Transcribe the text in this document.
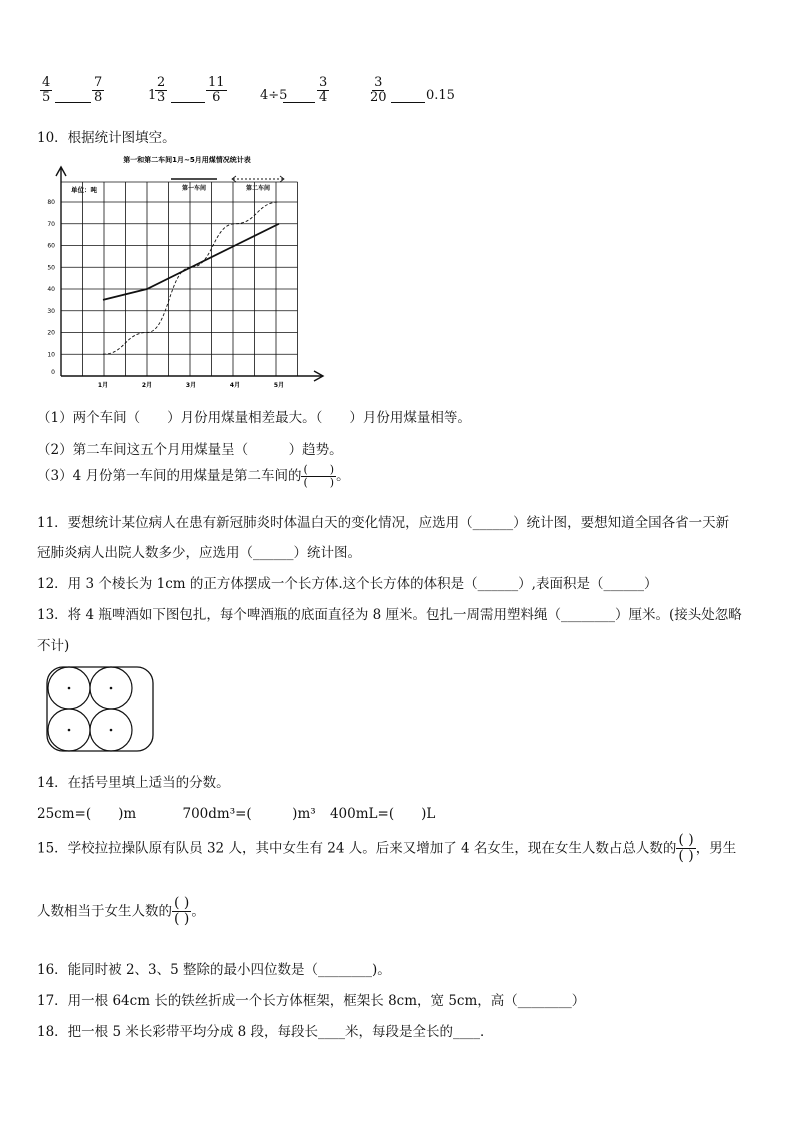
$\frac{4}{5}$	$\frac{7}{8}$	1
$\frac{2}{3}$	$\frac{11}{6}$	$4\div 5 \frac{3}{4}$	$\frac{3}{20}$	0.15
10．根据统计图填空。
第一和第二车间1月~5月用煤情况统计表
0
10
20
30
40
50
60
70
80
1月	2月	3月	4月	5月
单位：吨	第一车间	第二车间
（1）两个车间（　　）月份用煤量相差最大。（　　）月份用煤量相等。
（2）第二车间这五个月用煤量呈（　　　）趋势。
（3）4 月份第一车间的用煤量是第二车间的 $\frac{( )}{( )}$ 。
11．要想统计某位病人在患有新冠肺炎时体温白天的变化情况，应选用（______）统计图，要想知道全国各省一天新
冠肺炎病人出院人数多少，应选用（______）统计图。
12．用 3 个棱长为 1cm 的正方体摆成一个长方体.这个长方体的体积是（______）,表面积是（______）
13．将 4 瓶啤酒如下图包扎，每个啤酒瓶的底面直径为 8 厘米。包扎一周需用塑料绳（________）厘米。(接头处忽略
不计)
14．在括号里填上适当的分数。
25cm=(　　)m	700dm³=(　　　)m³ 400mL=(　　)L
15．学校拉拉操队原有队员 32 人，其中女生有 24 人。后来又增加了 4 名女生，现在女生人数占总人数的 $\frac{( )}{( )}$ ，男生
人数相当于女生人数的 $\frac{( )}{( )}$ 。
16．能同时被 2、3、5 整除的最小四位数是（________)。
17．用一根 64cm 长的铁丝折成一个长方体框架，框架长 8cm，宽 5cm，高（________）
18．把一根 5 米长彩带平均分成 8 段，每段长____米，每段是全长的____．
